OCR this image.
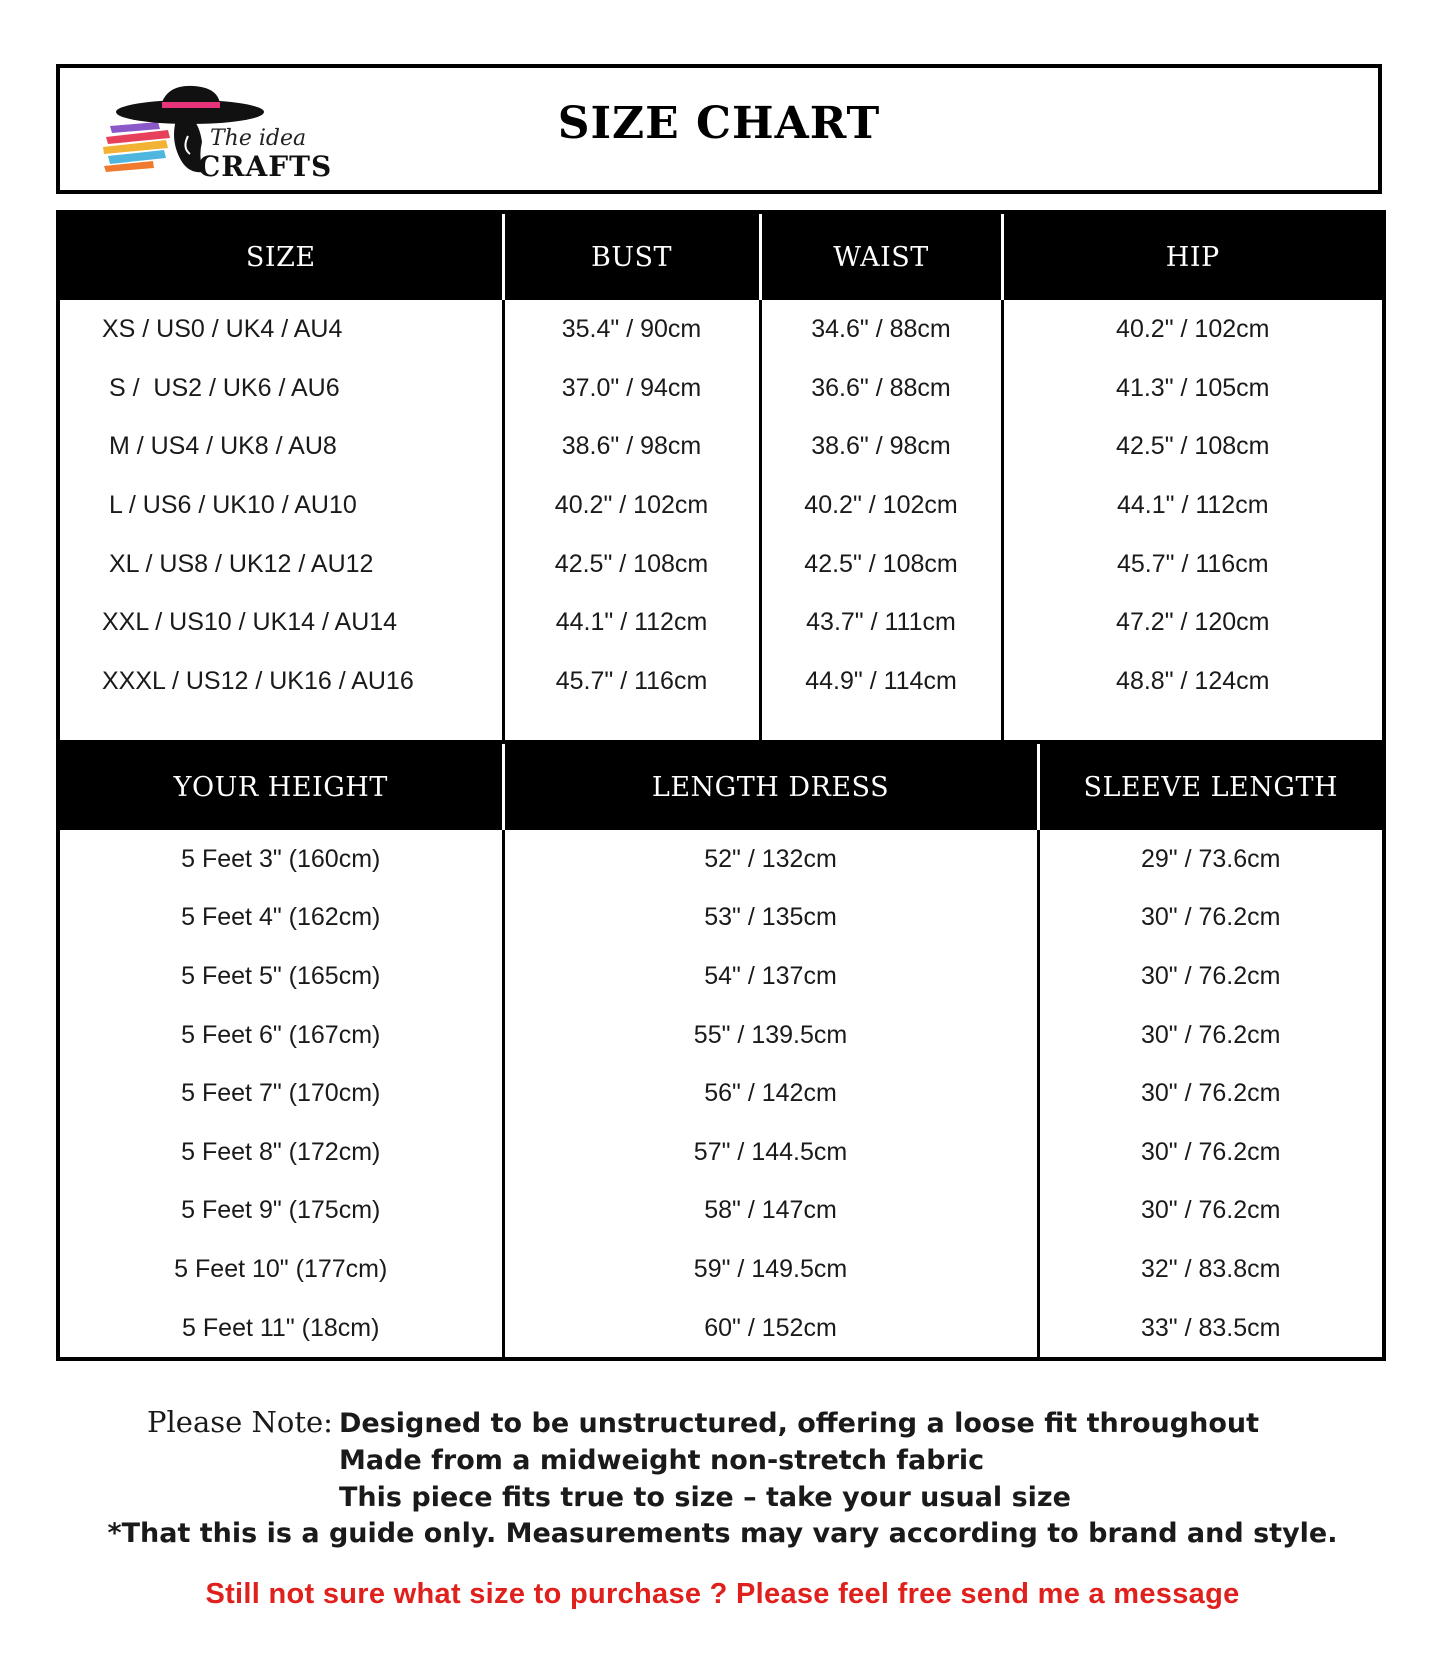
The idea
CRAFTS
SIZE CHART
SIZE	BUST	WAIST	HIP
XS / US0 / UK4 / AU4	35.4" / 90cm	34.6" / 88cm	40.2" / 102cm
S /  US2 / UK6 / AU6	37.0" / 94cm	36.6" / 88cm	41.3" / 105cm
M / US4 / UK8 / AU8	38.6" / 98cm	38.6" / 98cm	42.5" / 108cm
L / US6 / UK10 / AU10	40.2" / 102cm	40.2" / 102cm	44.1" / 112cm
XL / US8 / UK12 / AU12	42.5" / 108cm	42.5" / 108cm	45.7" / 116cm
XXL / US10 / UK14 / AU14	44.1" / 112cm	43.7" / 111cm	47.2" / 120cm
XXXL / US12 / UK16 / AU16	45.7" / 116cm	44.9" / 114cm	48.8" / 124cm

YOUR HEIGHT	LENGTH DRESS	SLEEVE LENGTH
5 Feet 3" (160cm)	52" / 132cm	29" / 73.6cm
5 Feet 4" (162cm)	53" / 135cm	30" / 76.2cm
5 Feet 5" (165cm)	54" / 137cm	30" / 76.2cm
5 Feet 6" (167cm)	55" / 139.5cm	30" / 76.2cm
5 Feet 7" (170cm)	56" / 142cm	30" / 76.2cm
5 Feet 8" (172cm)	57" / 144.5cm	30" / 76.2cm
5 Feet 9" (175cm)	58" / 147cm	30" / 76.2cm
5 Feet 10" (177cm)	59" / 149.5cm	32" / 83.8cm
5 Feet 11" (18cm)	60" / 152cm	33" / 83.5cm
Please Note: Designed to be unstructured, offering a loose fit throughout
Made from a midweight non-stretch fabric
This piece fits true to size – take your usual size
*That this is a guide only. Measurements may vary according to brand and style.
Still not sure what size to purchase ? Please feel free send me a message
